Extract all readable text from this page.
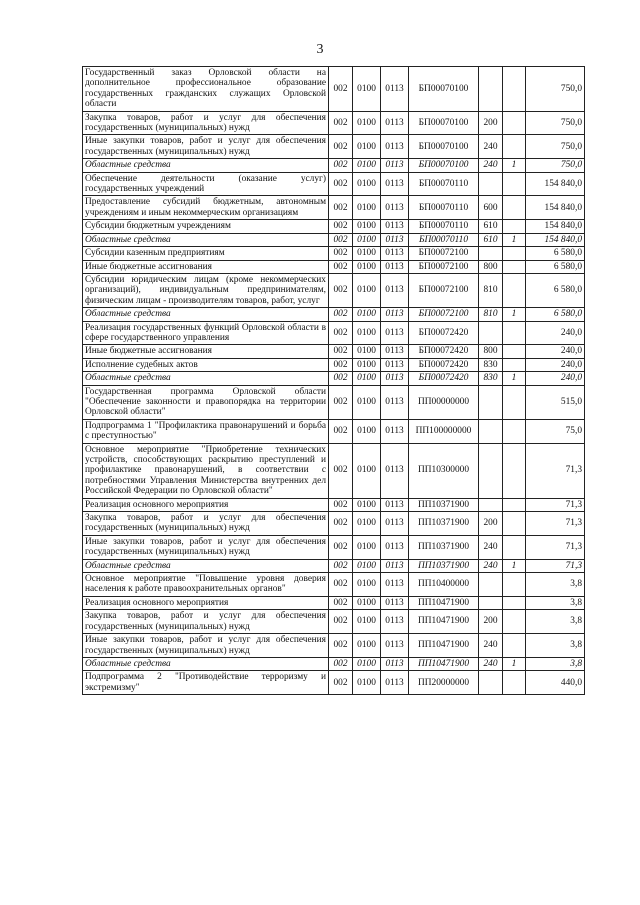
3
Государственный заказ Орловской области на дополнительное профессиональное образование государственных гражданских служащих Орловской области	002	0100	0113	БП00070100			750,0
Закупка товаров, работ и услуг для обеспечения государственных (муниципальных) нужд	002	0100	0113	БП00070100	200		750,0
Иные закупки товаров, работ и услуг для обеспечения государственных (муниципальных) нужд	002	0100	0113	БП00070100	240		750,0
Областные средства	002	0100	0113	БП00070100	240	1	750,0
Обеспечение деятельности (оказание услуг) государственных учреждений	002	0100	0113	БП00070110			154 840,0
Предоставление субсидий бюджетным, автономным учреждениям и иным некоммерческим организациям	002	0100	0113	БП00070110	600		154 840,0
Субсидии бюджетным учреждениям	002	0100	0113	БП00070110	610		154 840,0
Областные средства	002	0100	0113	БП00070110	610	1	154 840,0
Субсидии казенным предприятиям	002	0100	0113	БП00072100			6 580,0
Иные бюджетные ассигнования	002	0100	0113	БП00072100	800		6 580,0
Субсидии юридическим лицам (кроме некоммерческих организаций), индивидуальным предпринимателям, физическим лицам - производителям товаров, работ, услуг	002	0100	0113	БП00072100	810		6 580,0
Областные средства	002	0100	0113	БП00072100	810	1	6 580,0
Реализация государственных функций Орловской области в сфере государственного управления	002	0100	0113	БП00072420			240,0
Иные бюджетные ассигнования	002	0100	0113	БП00072420	800		240,0
Исполнение судебных актов	002	0100	0113	БП00072420	830		240,0
Областные средства	002	0100	0113	БП00072420	830	1	240,0
Государственная программа Орловской области "Обеспечение законности и правопорядка на территории Орловской области"	002	0100	0113	ПП00000000			515,0
Подпрограмма 1 "Профилактика правонарушений и борьба с преступностью"	002	0100	0113	ПП100000000			75,0
Основное мероприятие "Приобретение технических устройств, способствующих раскрытию преступлений и профилактике правонарушений, в соответствии с потребностями Управления Министерства внутренних дел Российской Федерации по Орловской области"	002	0100	0113	ПП10300000			71,3
Реализация основного мероприятия	002	0100	0113	ПП10371900			71,3
Закупка товаров, работ и услуг для обеспечения государственных (муниципальных) нужд	002	0100	0113	ПП10371900	200		71,3
Иные закупки товаров, работ и услуг для обеспечения государственных (муниципальных) нужд	002	0100	0113	ПП10371900	240		71,3
Областные средства	002	0100	0113	ПП10371900	240	1	71,3
Основное мероприятие "Повышение уровня доверия населения к работе правоохранительных органов"	002	0100	0113	ПП10400000			3,8
Реализация основного мероприятия	002	0100	0113	ПП10471900			3,8
Закупка товаров, работ и услуг для обеспечения государственных (муниципальных) нужд	002	0100	0113	ПП10471900	200		3,8
Иные закупки товаров, работ и услуг для обеспечения государственных (муниципальных) нужд	002	0100	0113	ПП10471900	240		3,8
Областные средства	002	0100	0113	ПП10471900	240	1	3,8
Подпрограмма 2 "Противодействие терроризму и экстремизму"	002	0100	0113	ПП20000000			440,0
